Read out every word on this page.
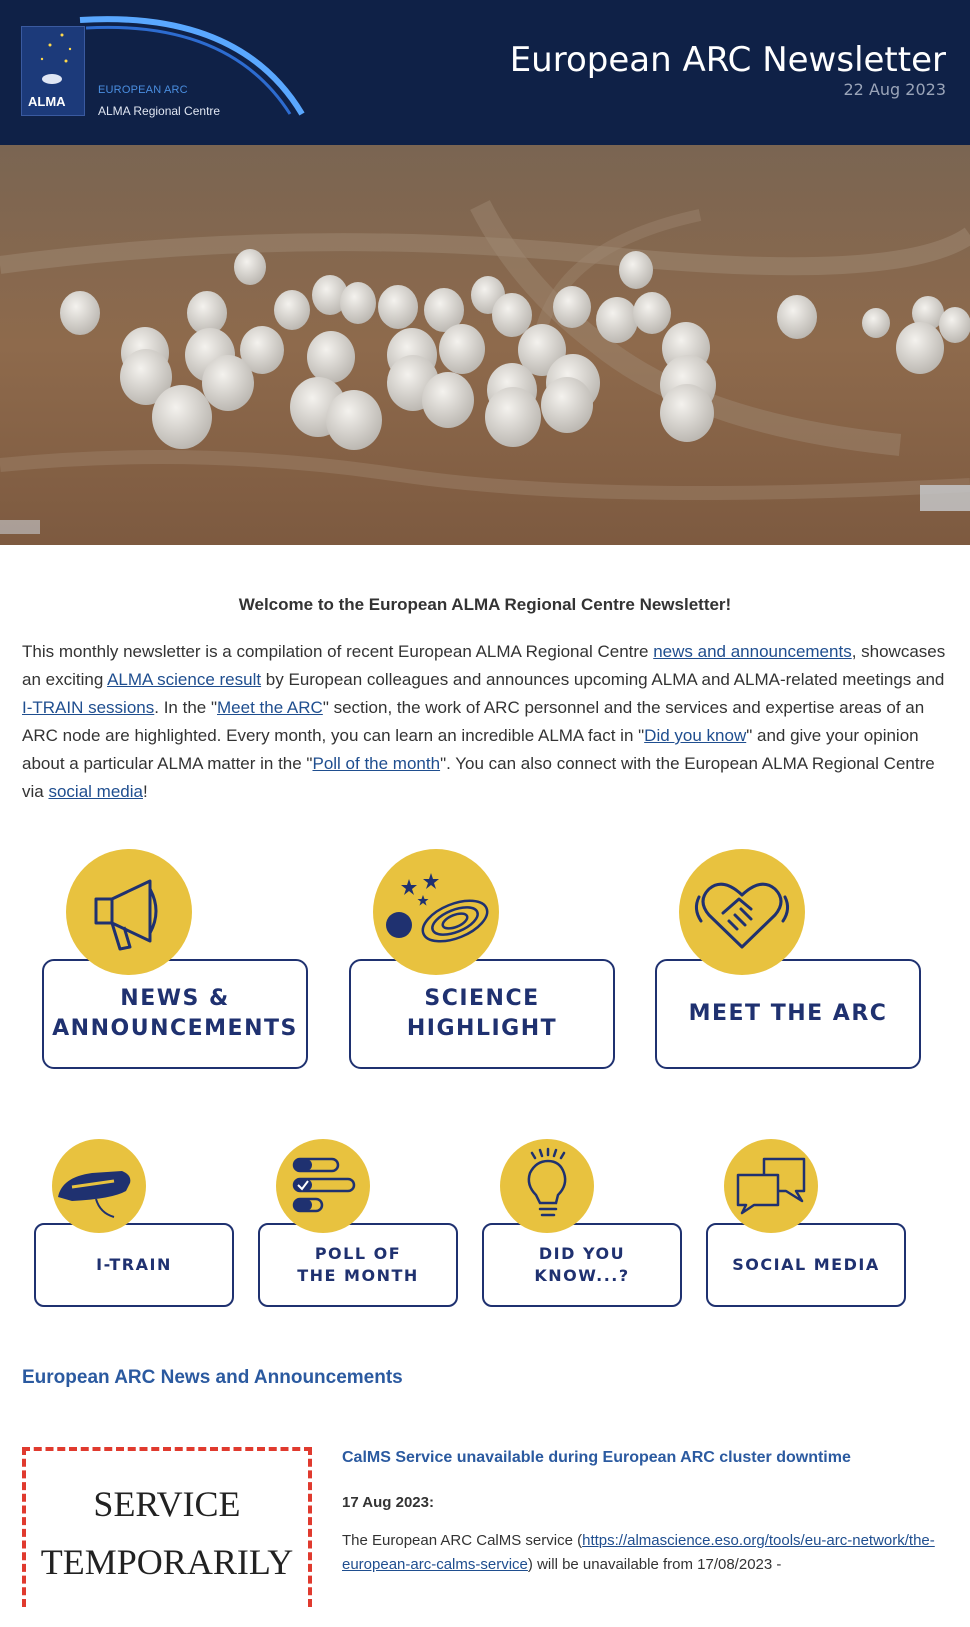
ALMA
EUROPEAN ARC
ALMA Regional Centre
European ARC Newsletter
22 Aug 2023
Welcome to the European ALMA Regional Centre Newsletter!
This monthly newsletter is a compilation of recent European ALMA Regional Centre news and announcements, showcases an exciting ALMA science result by European colleagues and announces upcoming ALMA and ALMA-related meetings and I-TRAIN sessions. In the "Meet the ARC" section, the work of ARC personnel and the services and expertise areas of an ARC node are highlighted. Every month, you can learn an incredible ALMA fact in "Did you know" and give your opinion about a particular ALMA matter in the "Poll of the month". You can also connect with the European ALMA Regional Centre via social media!
NEWS &
ANNOUNCEMENTS
SCIENCE
HIGHLIGHT
MEET THE ARC
I-TRAIN
POLL OF
THE MONTH
DID YOU
KNOW...?
SOCIAL MEDIA
European ARC News and Announcements
SERVICE
TEMPORARILY
CalMS Service unavailable during European ARC cluster downtime
17 Aug 2023:
The European ARC CalMS service (https://almascience.eso.org/tools/eu-arc-network/the-european-arc-calms-service) will be unavailable from 17/08/2023 -
